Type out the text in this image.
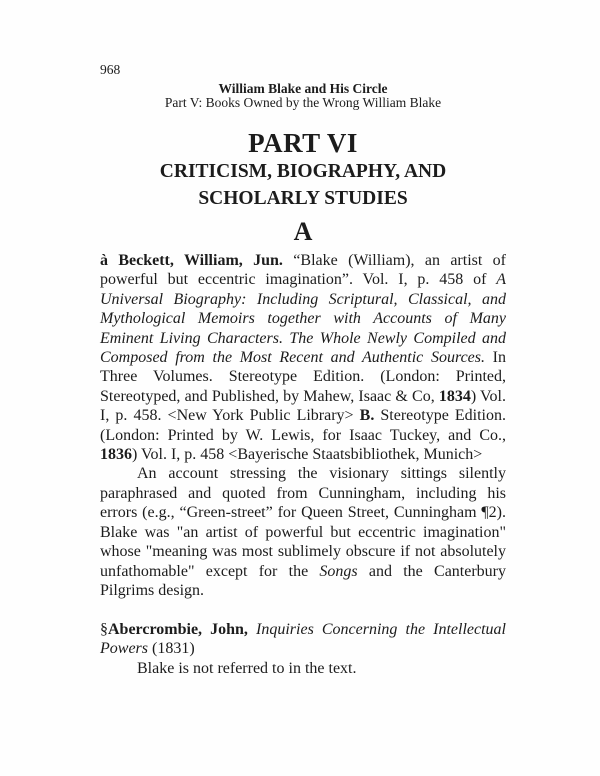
968
William Blake and His Circle
Part V: Books Owned by the Wrong William Blake
PART VI
CRITICISM, BIOGRAPHY, AND
SCHOLARLY STUDIES
A

à Beckett, William, Jun. “Blake (William), an artist of powerful but eccentric imagination”. Vol. I, p. 458 of A Universal Biography: Including Scriptural, Classical, and Mythological Memoirs together with Accounts of Many Eminent Living Characters. The Whole Newly Compiled and Composed from the Most Recent and Authentic Sources. In Three Volumes. Stereotype Edition. (London: Printed, Stereotyped, and Published, by Mahew, Isaac & Co, 1834) Vol. I, p. 458. <New York Public Library> B. Stereotype Edition. (London: Printed by W. Lewis, for Isaac Tuckey, and Co., 1836) Vol. I, p. 458 <Bayerische Staatsbibliothek, Munich>

An account stressing the visionary sittings silently paraphrased and quoted from Cunningham, including his errors (e.g., “Green-street” for Queen Street, Cunningham ¶2). Blake was "an artist of powerful but eccentric imagination" whose "meaning was most sublimely obscure if not absolutely unfathomable" except for the Songs and the Canterbury Pilgrims design.

§Abercrombie, John, Inquiries Concerning the Intellectual Powers (1831)

Blake is not referred to in the text.
